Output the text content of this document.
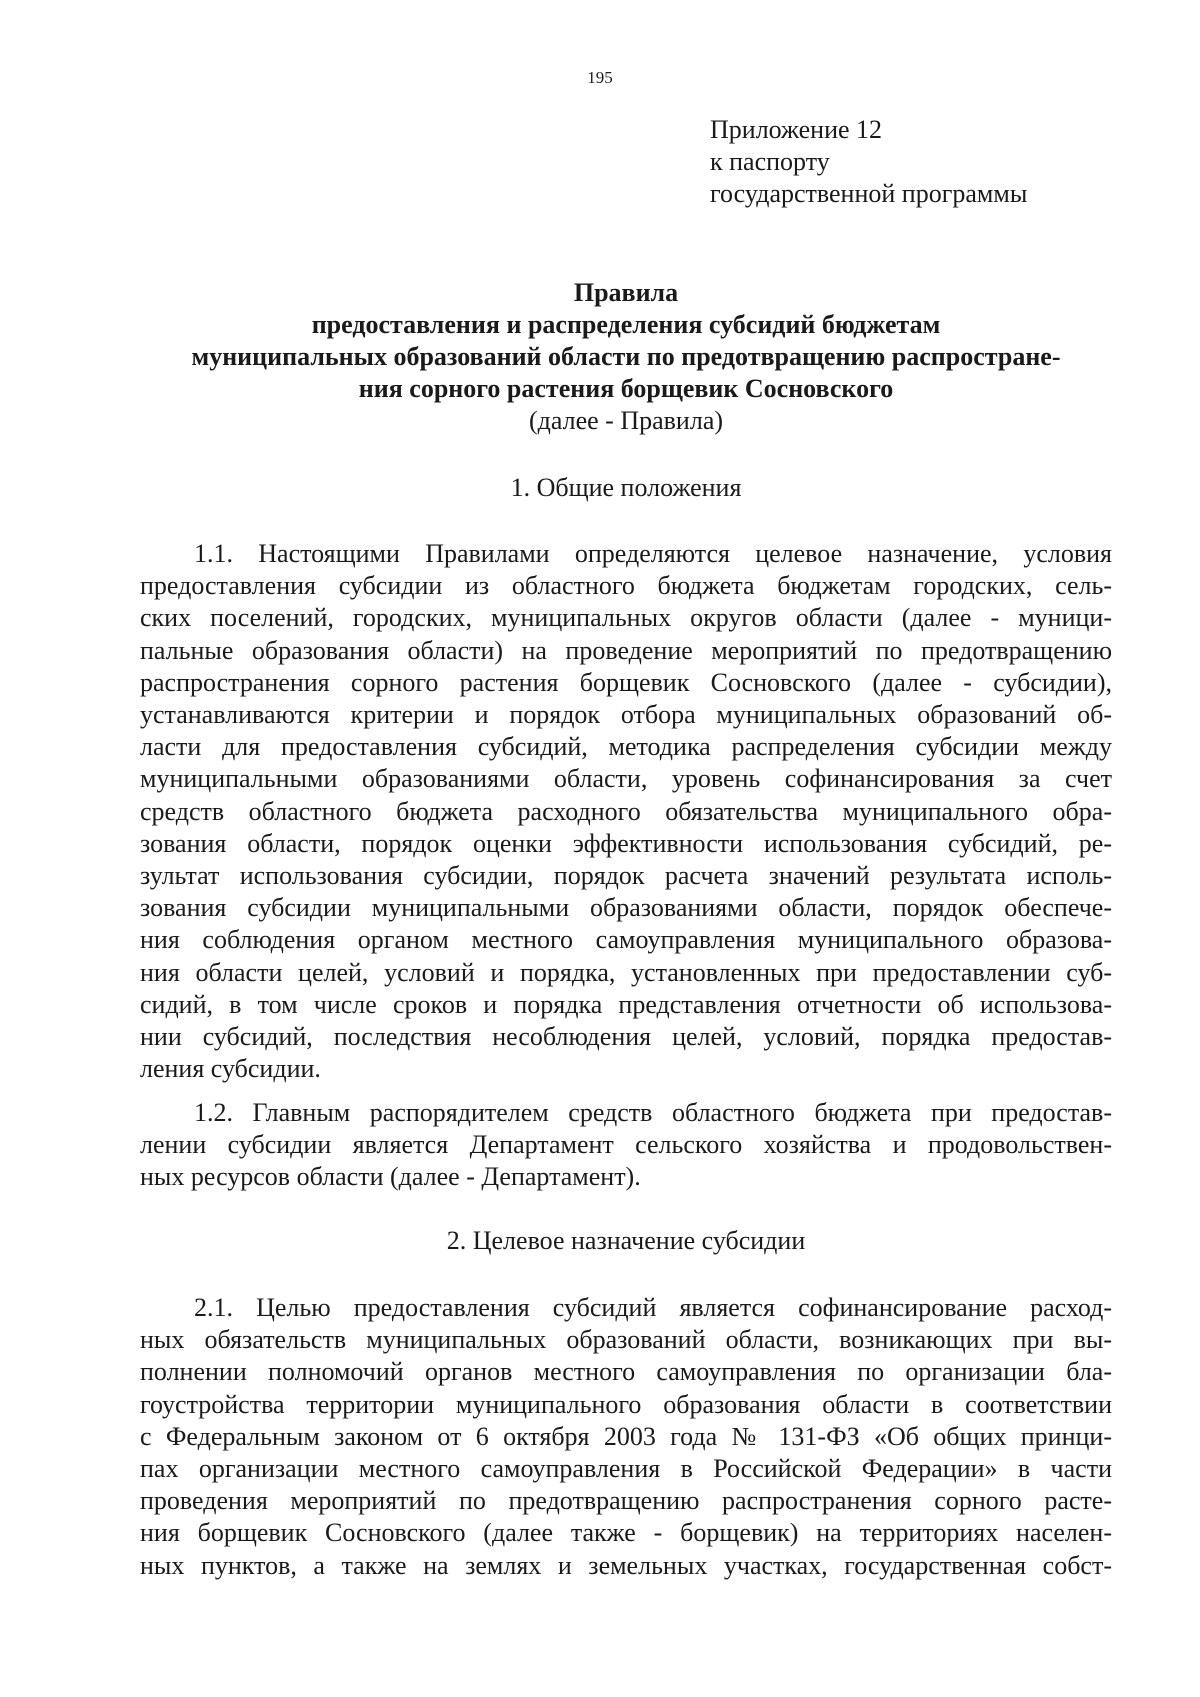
195
Приложение 12
к паспорту
государственной программы
Правила
предоставления и распределения субсидий бюджетам
муниципальных образований области по предотвращению распростране-
ния сорного растения борщевик Сосновского
(далее - Правила)
1. Общие положения
1.1. Настоящими Правилами определяются целевое назначение, условия
предоставления субсидии из областного бюджета бюджетам городских, сель-
ских поселений, городских, муниципальных округов области (далее - муници-
пальные образования области) на проведение мероприятий по предотвращению
распространения сорного растения борщевик Сосновского (далее - субсидии),
устанавливаются критерии и порядок отбора муниципальных образований об-
ласти для предоставления субсидий, методика распределения субсидии между
муниципальными образованиями области, уровень софинансирования за счет
средств областного бюджета расходного обязательства муниципального обра-
зования области, порядок оценки эффективности использования субсидий, ре-
зультат использования субсидии, порядок расчета значений результата исполь-
зования субсидии муниципальными образованиями области, порядок обеспече-
ния соблюдения органом местного самоуправления муниципального образова-
ния области целей, условий и порядка, установленных при предоставлении суб-
сидий, в том числе сроков и порядка представления отчетности об использова-
нии субсидий, последствия несоблюдения целей, условий, порядка предостав-
ления субсидии.
1.2. Главным распорядителем средств областного бюджета при предостав-
лении субсидии является Департамент сельского хозяйства и продовольствен-
ных ресурсов области (далее - Департамент).
2. Целевое назначение субсидии
2.1. Целью предоставления субсидий является софинансирование расход-
ных обязательств муниципальных образований области, возникающих при вы-
полнении полномочий органов местного самоуправления по организации бла-
гоустройства территории муниципального образования области в соответствии
с Федеральным законом от 6 октября 2003 года № 131-ФЗ «Об общих принци-
пах организации местного самоуправления в Российской Федерации» в части
проведения мероприятий по предотвращению распространения сорного расте-
ния борщевик Сосновского (далее также - борщевик) на территориях населен-
ных пунктов, а также на землях и земельных участках, государственная собст-
